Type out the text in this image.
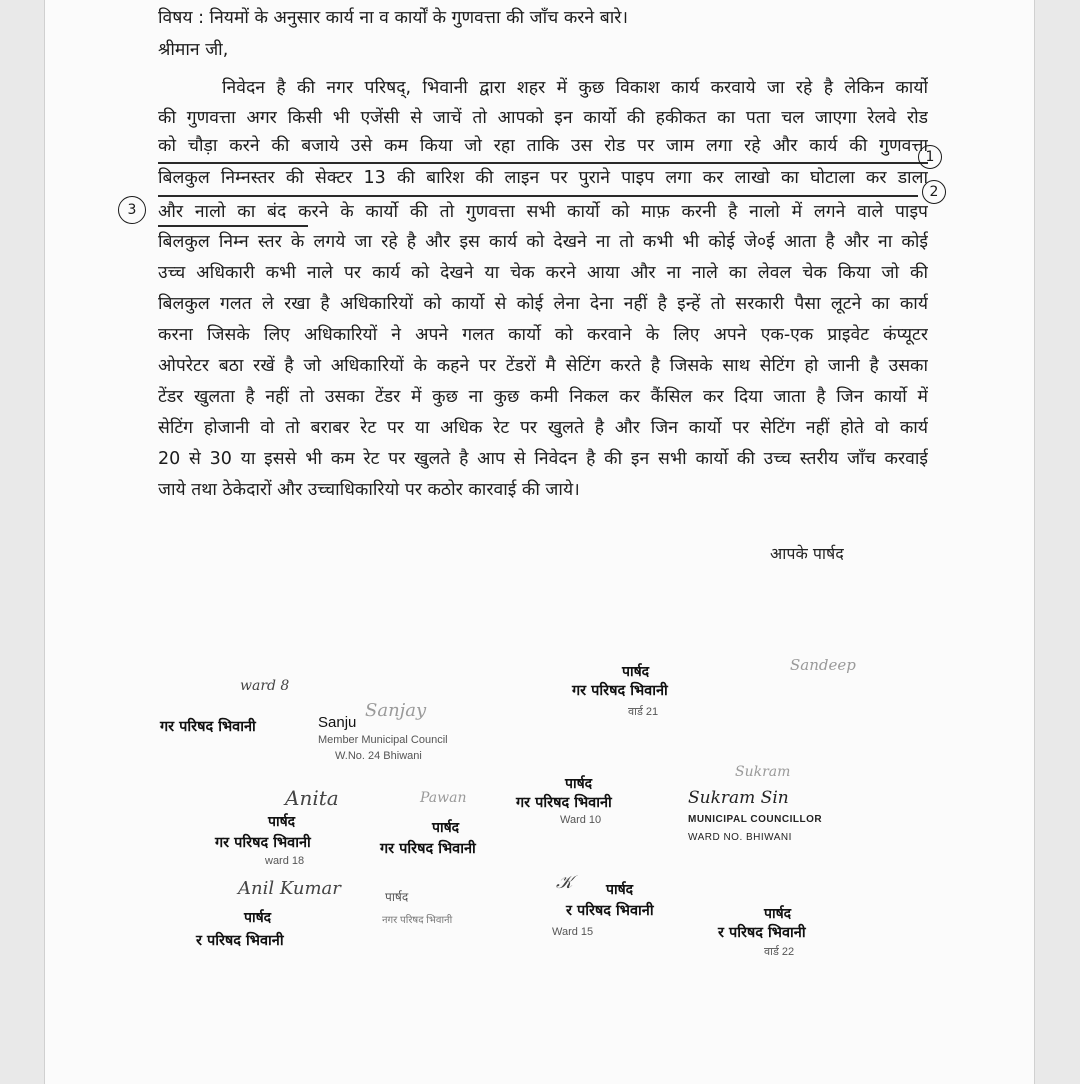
विषय : नियमों के अनुसार कार्य ना व कार्यों के गुणवत्ता की जाँच करने बारे।
श्रीमान जी,
निवेदन है की नगर परिषद्‌, भिवानी द्वारा शहर में कुछ विकाश कार्य करवाये जा रहे है लेकिन कार्यो
की गुणवत्ता अगर किसी भी एजेंसी से जाचें तो आपको इन कार्यो की हकीकत का पता चल जाएगा रेलवे रोड
को चौड़ा करने की बजाये उसे कम किया जो रहा ताकि उस रोड पर जाम लगा रहे और कार्य की गुणवत्ता
बिलकुल निम्नस्तर की सेक्टर 13 की बारिश की लाइन पर पुराने पाइप लगा कर लाखो का घोटाला कर डाला
और नालो का बंद करने के कार्यो की तो गुणवत्ता सभी कार्यो को माफ़ करनी है नालो में लगने वाले पाइप
बिलकुल निम्न स्तर के लगये जा रहे है और इस कार्य को देखने ना तो कभी भी कोई जे०ई आता है और ना कोई
उच्च अधिकारी कभी नाले पर कार्य को देखने या चेक करने आया और ना नाले का लेवल चेक किया जो की
बिलकुल गलत ले रखा है अधिकारियों को कार्यो से कोई लेना देना नहीं है इन्हें तो सरकारी पैसा लूटने का कार्य
करना जिसके लिए अधिकारियों ने अपने गलत कार्यो को करवाने के लिए अपने एक-एक प्राइवेट कंप्यूटर
ओपरेटर बठा रखें है जो अधिकारियों के कहने पर टेंडरों मै सेटिंग करते है जिसके साथ सेटिंग हो जानी है उसका
टेंडर खुलता है नहीं तो उसका टेंडर में कुछ ना कुछ कमी निकल कर कैंसिल कर दिया जाता है जिन कार्यो में
सेटिंग होजानी वो तो बराबर रेट पर या अधिक रेट पर खुलते है और जिन कार्यो पर सेटिंग नहीं होते वो कार्य
20 से 30 या इससे भी कम रेट पर खुलते है आप से निवेदन है की इन सभी कार्यो की उच्च स्तरीय जाँच करवाई
जाये तथा ठेकेदारों और उच्चाधिकारियो पर कठोर कारवाई की जाये।
1
2
3
आपके पार्षद
ward 8
गर परिषद भिवानी	Sanju
Sanjay
Member Municipal Council
W.No. 24 Bhiwani
पार्षद
गर परिषद भिवानी
वार्ड 21
Sandeep
Anita
पार्षद
गर परिषद भिवानी
ward 18
Pawan
पार्षद
गर परिषद भिवानी
पार्षद
गर परिषद भिवानी
Ward 10
Sukram
Sukram Sin
MUNICIPAL COUNCILLOR
WARD NO. BHIWANI
Anil Kumar
पार्षद
र परिषद भिवानी
पार्षद
नगर परिषद भिवानी
𝒦 पार्षद
र परिषद भिवानी
Ward 15
पार्षद
र परिषद भिवानी
वार्ड 22
